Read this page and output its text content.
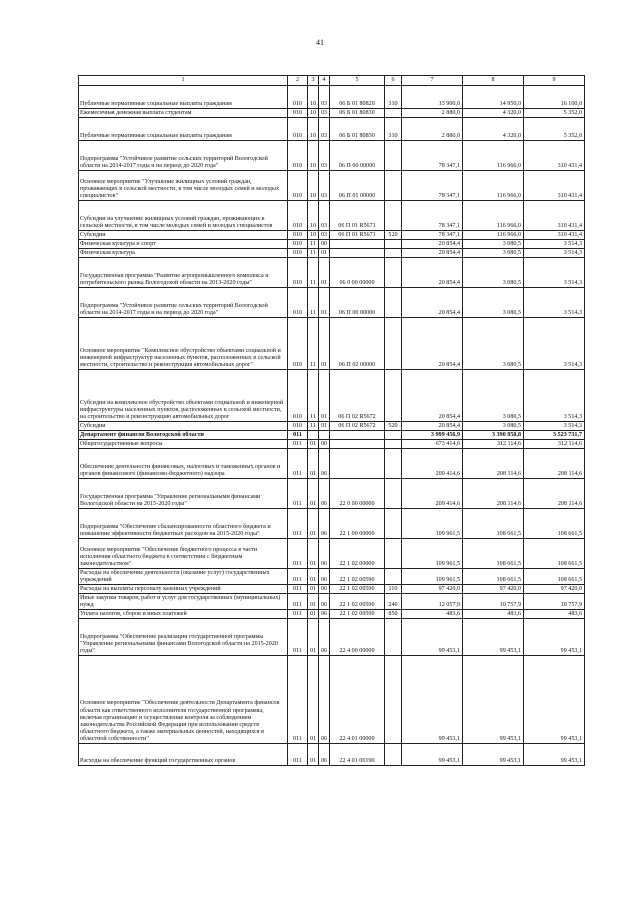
41
1	2	3	4	5	6	7	8	9
Публичные нормативные социальные выплаты гражданам	010	10	03	06 Б 01 80820	310	13 900,0	14 950,0	16 100,0
Ежемесячная денежная выплата студентам	010	10	03	06 Б 01 80830		2 880,0	4 320,0	5 352,0
Публичные нормативные социальные выплаты гражданам	010	10	03	06 Б 01 80830	310	2 880,0	4 320,0	5 352,0
Подпрограмма "Устойчивое развитие сельских территорий Вологодской области на 2014-2017 годы и на период до 2020 года"	010	10	03	06 П 00 00000		78 347,1	116 966,0	310 431,4
Основное мероприятие "Улучшение жилищных условий граждан, проживающих в сельской местности, в том числе молодых семей и молодых специалистов"	010	10	03	06 П 01 00000		78 347,1	116 966,0	310 431,4
Субсидии на улучшение жилищных условий граждан, проживающих в сельской местности, в том числе молодых семей и молодых специалистов	010	10	03	06 П 01 R5671		78 347,1	116 966,0	310 431,4
Субсидии	010	10	03	06 П 01 R5671	520	78 347,1	116 966,0	310 431,4
Физическая культура и спорт	010	11	00			20 854,4	3 080,5	3 514,3
Физическая культура	010	11	01			20 854,4	3 080,5	3 514,3
Государственная программа "Развитие агропромышленного комплекса и потребительского рынка Вологодской области на 2013-2020 годы"	010	11	01	06 0 00 00000		20 854,4	3 080,5	3 514,3
Подпрограмма "Устойчивое развитие сельских территорий Вологодской области на 2014-2017 годы и на период до 2020 года"	010	11	01	06 П 00 00000		20 854,4	3 080,5	3 514,3
Основное мероприятие "Комплексное обустройство объектами социальной и инженерной инфраструктур населенных пунктов, расположенных в сельской местности, строительство и реконструкция автомобильных дорог"	010	11	01	06 П 02 00000		20 854,4	3 080,5	3 514,3
Субсидии на комплексное обустройство объектами социальной и инженерной инфраструктуры населенных пунктов, расположенных в сельской местности, на строительство и реконструкцию автомобильных дорог	010	11	01	06 П 02 R5672		20 854,4	3 080,5	3 514,3
Субсидии	010	11	01	06 П 02 R5672	520	20 854,4	3 080,5	3 514,3
Департамент финансов Вологодской области	011					3 999 456,9	3 390 858,8	3 523 731,7
Общегосударственные вопросы	011	01	00			673 414,6	312 114,6	312 114,6
Обеспечение деятельности финансовых, налоговых и таможенных органов и органов финансового (финансово-бюджетного) надзора	011	01	06			209 414,6	208 114,6	208 114,6
Государственная программа "Управление региональными финансами Вологодской области на 2015-2020 годы"	011	01	06	22 0 00 00000		209 414,6	208 114,6	208 114,6
Подпрограмма "Обеспечение сбалансированности областного бюджета и повышение эффективности бюджетных расходов на 2015-2020 годы"	011	01	06	22 1 00 00000		109 961,5	108 661,5	108 661,5
Основное мероприятие "Обеспечение бюджетного процесса в части исполнения областного бюджета в соответствии с бюджетным законодательством"	011	01	06	22 1 02 00000		109 961,5	108 661,5	108 661,5
Расходы на обеспечение деятельности (оказание услуг) государственных учреждений	011	01	06	22 1 02 00590		109 961,5	108 661,5	108 661,5
Расходы на выплаты персоналу казенных учреждений	011	01	06	22 1 02 00590	110	97 420,0	97 420,0	97 420,0
Иные закупки товаров, работ и услуг для государственных (муниципальных) нужд	011	01	06	22 1 02 00590	240	12 057,9	10 757,9	10 757,9
Уплата налогов, сборов и иных платежей	011	01	06	22 1 02 00590	850	483,6	483,6	483,6
Подпрограмма "Обеспечение реализации государственной программы "Управление региональными финансами Вологодской области на 2015-2020 годы"	011	01	06	22 4 00 00000		99 453,1	99 453,1	99 453,1
Основное мероприятие "Обеспечение деятельности Департамента финансов области как ответственного исполнителя государственной программы, включая организацию и осуществление контроля за соблюдением законодательства Российской Федерации при использовании средств областного бюджета, а также материальных ценностей, находящихся в областной собственности"	011	01	06	22 4 01 00000		99 453,1	99 453,1	99 453,1
Расходы на обеспечение функций государственных органов	011	01	06	22 4 01 00190		99 453,1	99 453,1	99 453,1
